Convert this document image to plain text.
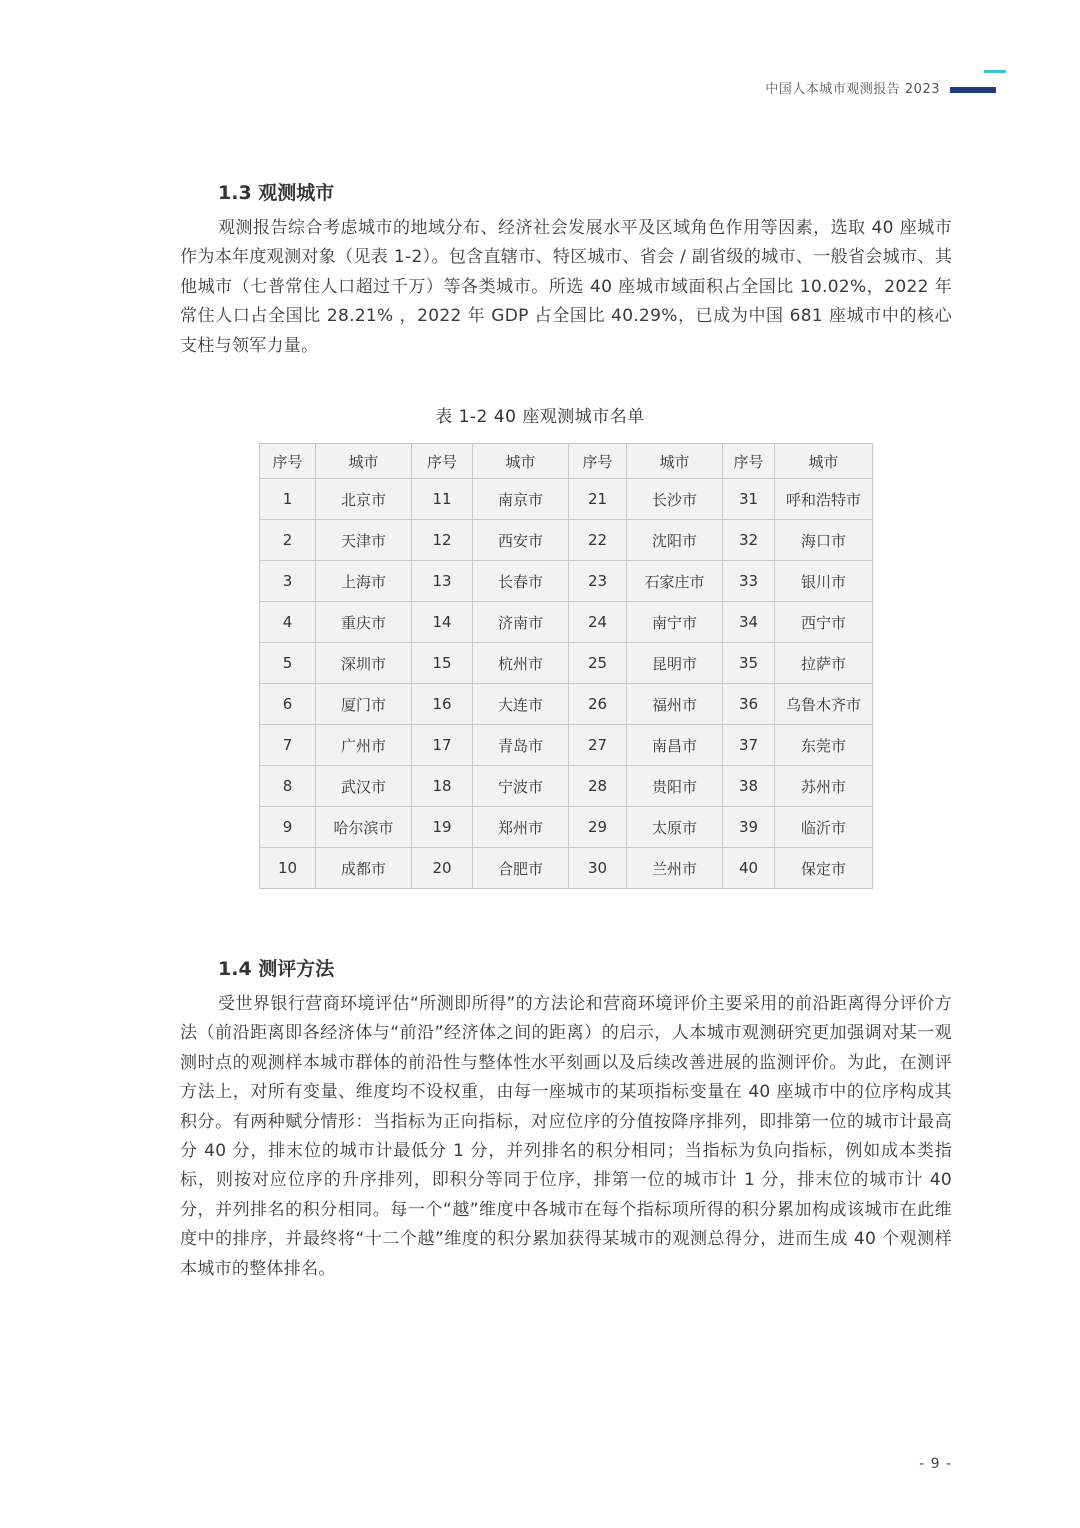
中国人本城市观测报告 2023
1.3 观测城市

观测报告综合考虑城市的地域分布、经济社会发展水平及区域角色作用等因素，选取 40 座城市作为本年度观测对象（见表 1-2）。包含直辖市、特区城市、省会 / 副省级的城市、一般省会城市、其他城市（七普常住人口超过千万）等各类城市。所选 40 座城市域面积占全国比 10.02%，2022 年常住人口占全国比 28.21% ，2022 年 GDP 占全国比 40.29%，已成为中国 681 座城市中的核心支柱与领军力量。

表 1-2 40 座观测城市名单
序号	城市	序号	城市	序号	城市	序号	城市
1	北京市	11	南京市	21	长沙市	31	呼和浩特市
2	天津市	12	西安市	22	沈阳市	32	海口市
3	上海市	13	长春市	23	石家庄市	33	银川市
4	重庆市	14	济南市	24	南宁市	34	西宁市
5	深圳市	15	杭州市	25	昆明市	35	拉萨市
6	厦门市	16	大连市	26	福州市	36	乌鲁木齐市
7	广州市	17	青岛市	27	南昌市	37	东莞市
8	武汉市	18	宁波市	28	贵阳市	38	苏州市
9	哈尔滨市	19	郑州市	29	太原市	39	临沂市
10	成都市	20	合肥市	30	兰州市	40	保定市
1.4 测评方法

受世界银行营商环境评估“所测即所得”的方法论和营商环境评价主要采用的前沿距离得分评价方法（前沿距离即各经济体与“前沿”经济体之间的距离）的启示，人本城市观测研究更加强调对某一观测时点的观测样本城市群体的前沿性与整体性水平刻画以及后续改善进展的监测评价。为此，在测评方法上，对所有变量、维度均不设权重，由每一座城市的某项指标变量在 40 座城市中的位序构成其积分。有两种赋分情形：当指标为正向指标，对应位序的分值按降序排列，即排第一位的城市计最高分 40 分，排末位的城市计最低分 1 分，并列排名的积分相同；当指标为负向指标，例如成本类指标，则按对应位序的升序排列，即积分等同于位序，排第一位的城市计 1 分，排末位的城市计 40 分，并列排名的积分相同。每一个“越”维度中各城市在每个指标项所得的积分累加构成该城市在此维度中的排序，并最终将“十二个越”维度的积分累加获得某城市的观测总得分，进而生成 40 个观测样本城市的整体排名。

- 9 -
